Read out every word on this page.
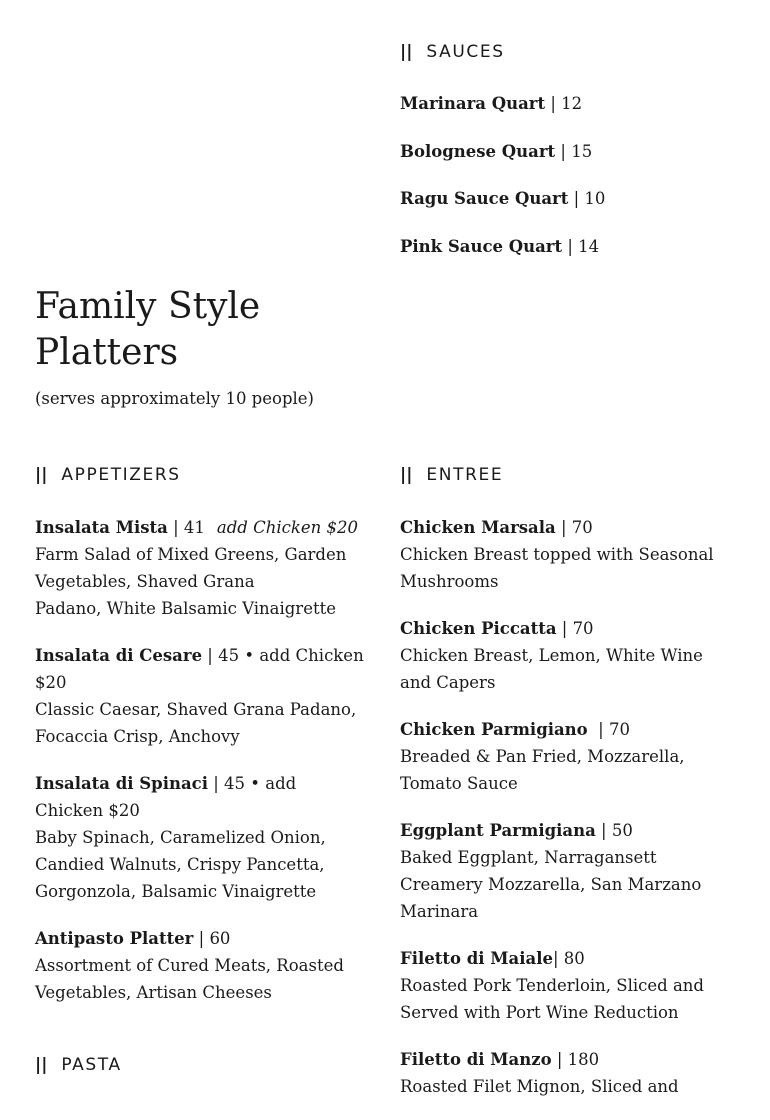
|| SAUCES
Marinara Quart | 12
Bolognese Quart | 15
Ragu Sauce Quart | 10
Pink Sauce Quart | 14
Family Style
Platters
(serves approximately 10 people)
|| APPETIZERS
Insalata Mista | 41 add Chicken $20
Farm Salad of Mixed Greens, Garden Vegetables, Shaved Grana
Padano, White Balsamic Vinaigrette
Insalata di Cesare | 45 • add Chicken $20
Classic Caesar, Shaved Grana Padano, Focaccia Crisp, Anchovy
Insalata di Spinaci | 45 • add Chicken $20
Baby Spinach, Caramelized Onion, Candied Walnuts, Crispy Pancetta, Gorgonzola, Balsamic Vinaigrette
Antipasto Platter | 60
Assortment of Cured Meats, Roasted Vegetables, Artisan Cheeses
|| PASTA
|| ENTREE
Chicken Marsala | 70
Chicken Breast topped with Seasonal Mushrooms
Chicken Piccatta | 70
Chicken Breast, Lemon, White Wine and Capers
Chicken Parmigiano  | 70
Breaded & Pan Fried, Mozzarella, Tomato Sauce
Eggplant Parmigiana | 50
Baked Eggplant, Narragansett Creamery Mozzarella, San Marzano Marinara
Filetto di Maiale| 80
Roasted Pork Tenderloin, Sliced and Served with Port Wine Reduction
Filetto di Manzo | 180
Roasted Filet Mignon, Sliced and
